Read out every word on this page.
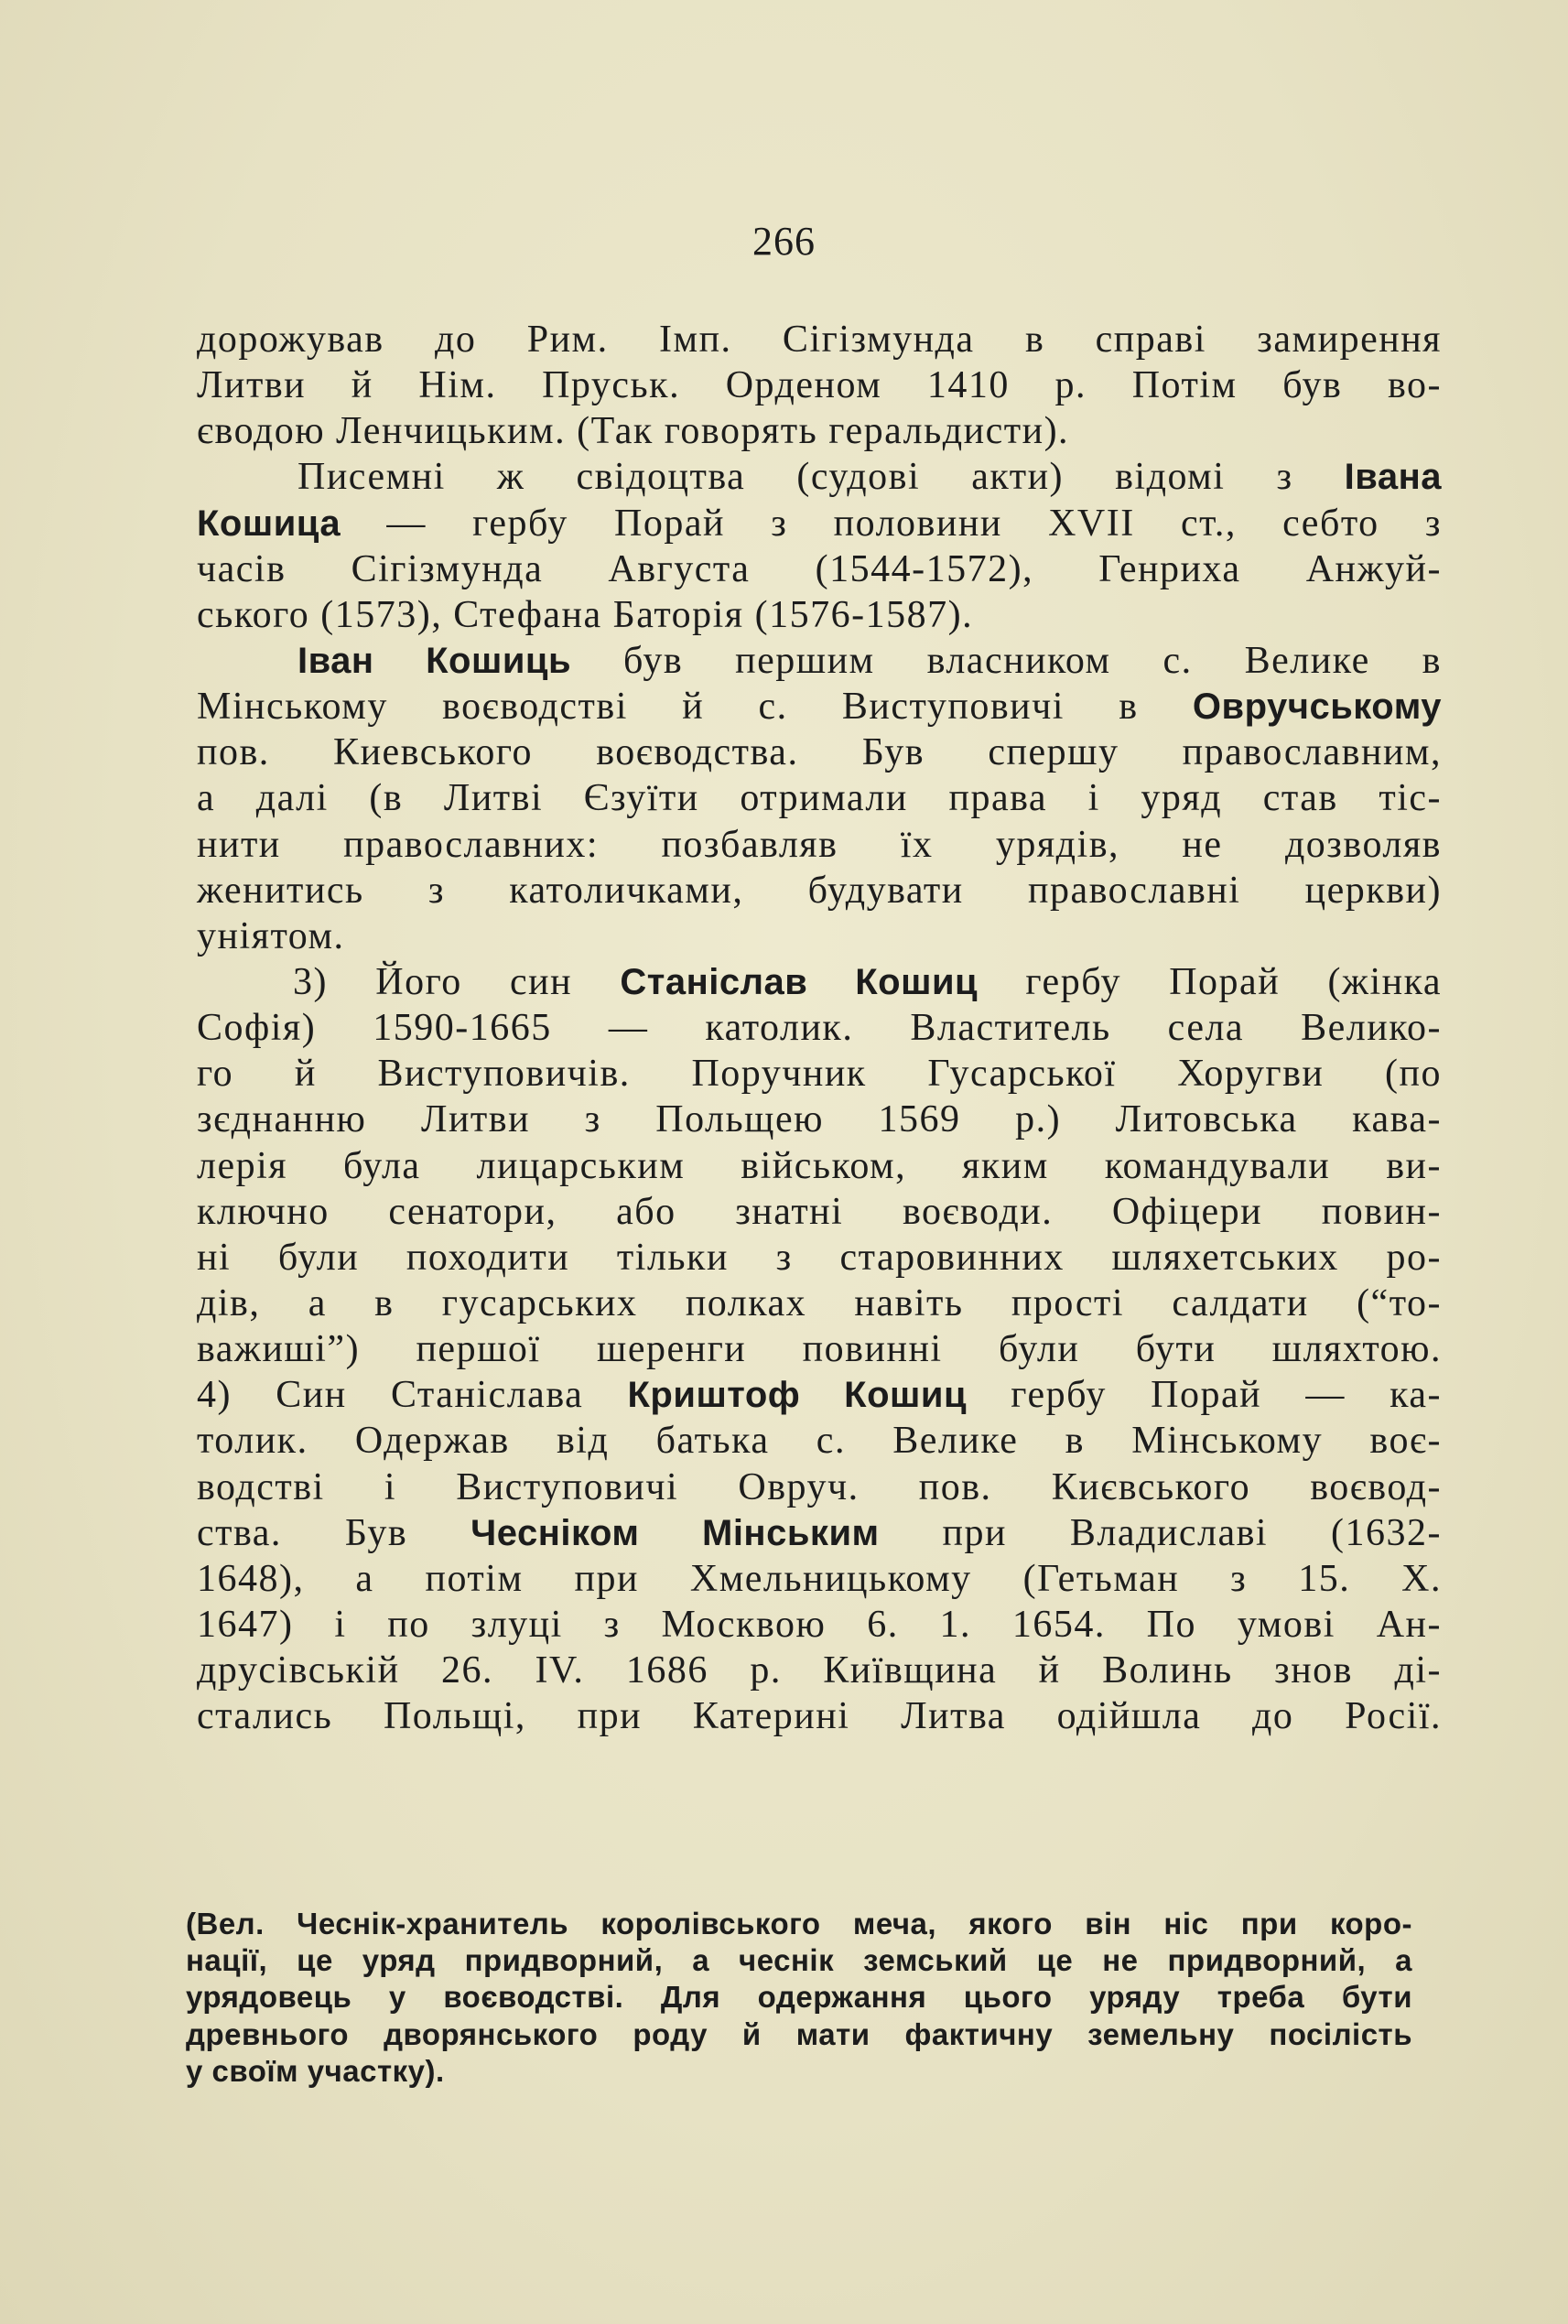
266
дорожував до Рим. Імп. Сігізмунда в справі замирення
Литви й Нім. Пруськ. Орденом 1410 р. Потім був во-
єводою Ленчицьким. (Так говорять геральдисти).
Писемні ж свідоцтва (судові акти) відомі з Івана
Кошица — гербу Порай з половини XVII ст., себто з
часів Сігізмунда Августа (1544-1572), Генриха Анжуй-
ського (1573), Стефана Баторія (1576-1587).
Іван Кошиць був першим власником с. Велике в
Мінському воєводстві й с. Виступовичі в Овручському
пов. Киевського воєводства. Був спершу православним,
а далі (в Литві Єзуїти отримали права і уряд став тіс-
нити православних: позбавляв їх урядів, не дозволяв
женитись з католичками, будувати православні церкви)
уніятом.
3) Його син Станіслав Кошиц гербу Порай (жінка
Софія) 1590-1665 — католик. Властитель села Велико-
го й Виступовичів. Поручник Гусарської Хоругви (по
зєднанню Литви з Польщею 1569 р.) Литовська кава-
лерія була лицарським військом, яким командували ви-
ключно сенатори, або знатні воєводи. Офіцери повин-
ні були походити тільки з старовинних шляхетських ро-
дів, а в гусарських полках навіть прості салдати (“то-
важиші”) першої шеренги повинні були бути шляхтою.
4) Син Станіслава Криштоф Кошиц гербу Порай — ка-
толик. Одержав від батька с. Велике в Мінському воє-
водстві і Виступовичі Овруч. пов. Києвського воєвод-
ства. Був Чесніком Мінським при Владиславі (1632-
1648), а потім при Хмельницькому (Гетьман з 15. X.
1647) і по злуці з Москвою 6. 1. 1654. По умові Ан-
друсівській 26. IV. 1686 р. Київщина й Волинь знов ді-
стались Польщі, при Катерині Литва одійшла до Росії.
(Вел. Чеснік-хранитель королівського меча, якого він ніс при коро-
нації, це уряд придворний, а чеснік земський це не придворний, а
урядовець у воєводстві. Для одержання цього уряду треба бути
древнього дворянського роду й мати фактичну земельну посілість
у своїм участку).
